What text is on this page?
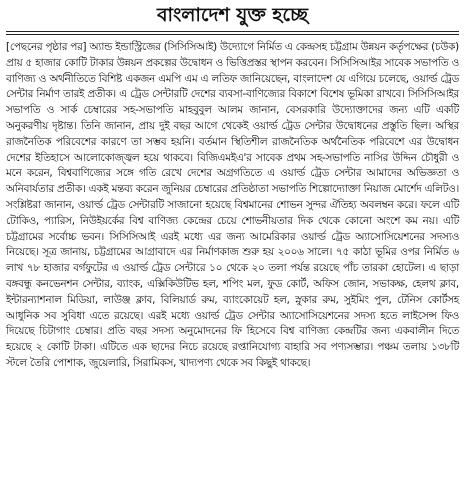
বাংলাদেশ যুক্ত হচ্ছে
[পেছনের পৃষ্ঠার পর] অ্যান্ড ইন্ডাস্ট্রিজের (সিসিসিআই) উদ্যোগে নির্মিত এ কেন্দ্রসহ চট্টগ্রাম উন্নয়ন কর্তৃপক্ষের (চউক) প্রায় ৫ হাজার কোটি টাকার উন্নয়ন প্রকল্পের উদ্বোধন ও ভিত্তিপ্রস্তর স্থাপন করবেন। সিসিসিআইর সাবেক সভাপতি ও বাণিজ্য ও অর্থনীতিতে বিশিষ্ট একজন এমপি এম এ লতিফ জানিয়েছেন, বাংলাদেশ যে এগিয়ে চলেছে, ওয়ার্ল্ড ট্রেড সেন্টার নির্মাণ তারই প্রতীক। এ ট্রেড সেন্টারটি দেশের ব্যবসা-বাণিজ্যের বিকাশে বিশেষ ভূমিকা রাখবে। সিসিসিআইর সভাপতি ও সার্ক চেম্বারের সহ-সভাপতি মাহবুবুল আলম জানান, বেসরকারি উদ্যোক্তাদের জন্য এটি একটি অনুকরণীয় দৃষ্টান্ত। তিনি জানান, প্রায় দুই বছর আগে থেকেই ওয়ার্ল্ড ট্রেড সেন্টার উদ্বোধনের প্রস্তুতি ছিল। অস্থির রাজনৈতিক পরিবেশের কারণে তা সম্ভব হয়নি। বর্তমান স্থিতিশীল রাজনৈতিক অর্থনৈতিক পরিবেশে এর উদ্বোধন দেশের ইতিহাসে আলোকোজ্জ্বল হয়ে থাকবে। বিজিএমইএ'র সাবেক প্রথম সহ-সভাপতি নাসির উদ্দিন চৌধুরী ও মনে করেন, বিশ্ববাণিজ্যের সঙ্গে গতি রেখে দেশের অগ্রগতিতে এ ওয়ার্ল্ড ট্রেড সেন্টার আমাদের অভিজ্ঞতা ও অনিবার্যতার প্রতীক। একই মন্তব্য করেন জুনিয়র চেম্বারের প্রতিষ্ঠাতা সভাপতি শিল্পোদ্যোক্তা নিয়াজ মোর্শেদ এলিটও। সংশ্লিষ্টরা জানান, ওয়ার্ল্ড ট্রেড সেন্টারটি সাজানো হয়েছে বিশ্বমানের শোভন সুন্দর ঐতিহ্য অবলম্বন করে। ফলে এটি টোকিও, প্যারিস, নিউইয়র্কের বিশ্ব বাণিজ্য কেন্দ্রের চেয়ে শোভনীয়তার দিক থেকে কোনো অংশে কম নয়। এটি চট্টগ্রামের সর্বোচ্চ ভবন। সিসিসিআই এরই মধ্যে এর জন্য আমেরিকার ওয়ার্ল্ড ট্রেড অ্যাসোসিয়েশনের সদস্যও নিয়েছে। সূত্র জানায়, চট্টগ্রামের আগ্রাবাদে এর নির্মাণকাজ শুরু হয় ২০০৬ সালে। ৭৫ কাঠা ভূমির ওপর নির্মিত ৬ লাখ ৭৮ হাজার বর্গফুটের এ ওয়ার্ল্ড ট্রেড সেন্টারে ১০ থেকে ২০ তলা পর্যন্ত রয়েছে পাঁচ তারকা হোটেল। এ ছাড়া বঙ্গবন্ধু কনভেনশন সেন্টার, ব্যাংক, এক্সিকিউটিভ হল, শপিং মল, ফুড কোর্ট, অফিস জোন, সভাকক্ষ, হেলথ ক্লাব, ইন্টারন্যাশনাল মিডিয়া, লাউঞ্জ ক্লাব, বিলিয়ার্ড রুম, ব্যাংকোয়েট হল, স্নুকার রুম, সুইমিং পুল, টেনিস কোর্টসহ আধুনিক সব সুবিধা এতে রয়েছে। এরই মধ্যে ওয়ার্ল্ড ট্রেড সেন্টার অ্যাসোসিয়েশনের সদস্য হতে লাইসেন্স ফিও দিয়েছে চিটাগাং চেম্বার। প্রতি বছর সদস্য অনুমোদনের ফি হিসেবে বিশ্ব বাণিজ্য কেন্দ্রটির জন্য একবালীন দিতে হয়েছে ২ কোটি টাকা। এটিতে এক ছাদের নিচে রয়েছে রপ্তানিযোগ্য বাহারি সব পণ্যসম্ভার। পঞ্চম তলায় ১৩৮টি স্টলে তৈরি পোশাক, জুয়েলারি, সিরামিকস, খাদ্যপণ্য থেকে সব কিছুই থাকছে।
